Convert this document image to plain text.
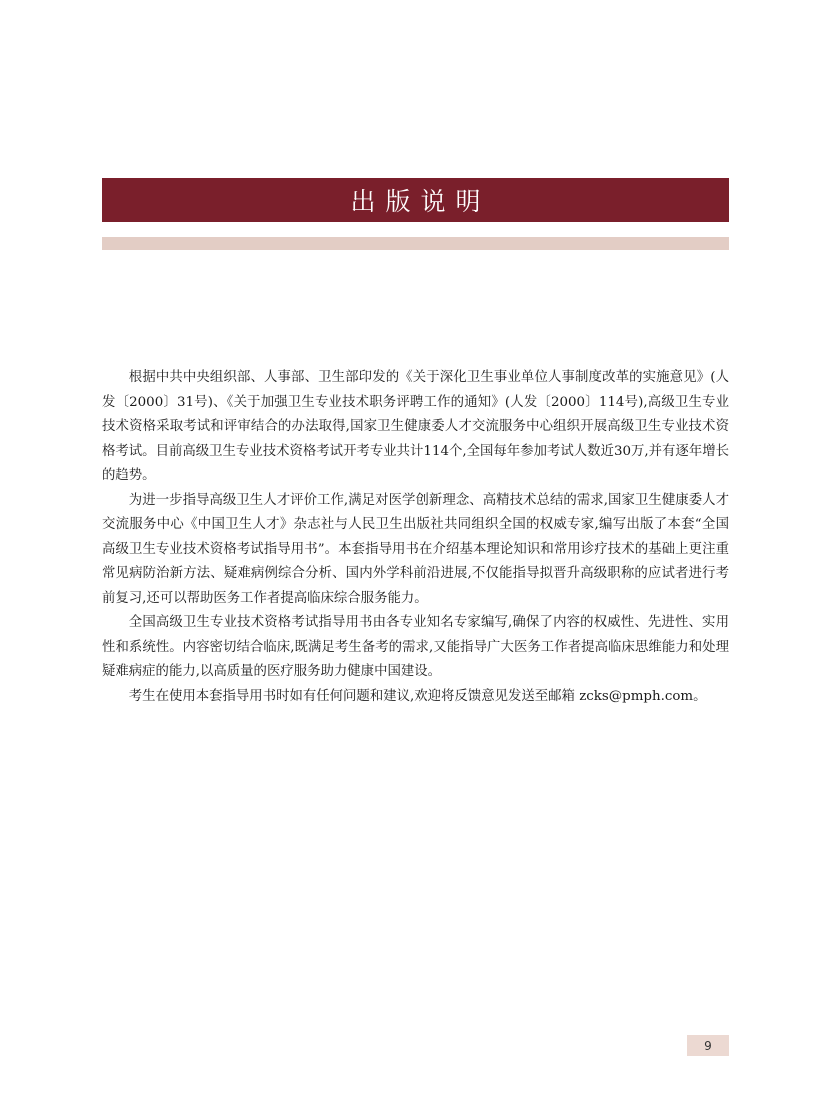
出版说明

根据中共中央组织部、人事部、卫生部印发的《关于深化卫生事业单位人事制度改革的实施意见》(人发〔2000〕31号)、《关于加强卫生专业技术职务评聘工作的通知》(人发〔2000〕114号),高级卫生专业技术资格采取考试和评审结合的办法取得,国家卫生健康委人才交流服务中心组织开展高级卫生专业技术资格考试。目前高级卫生专业技术资格考试开考专业共计114个,全国每年参加考试人数近30万,并有逐年增长的趋势。

为进一步指导高级卫生人才评价工作,满足对医学创新理念、高精技术总结的需求,国家卫生健康委人才交流服务中心《中国卫生人才》杂志社与人民卫生出版社共同组织全国的权威专家,编写出版了本套“全国高级卫生专业技术资格考试指导用书”。本套指导用书在介绍基本理论知识和常用诊疗技术的基础上更注重常见病防治新方法、疑难病例综合分析、国内外学科前沿进展,不仅能指导拟晋升高级职称的应试者进行考前复习,还可以帮助医务工作者提高临床综合服务能力。

全国高级卫生专业技术资格考试指导用书由各专业知名专家编写,确保了内容的权威性、先进性、实用性和系统性。内容密切结合临床,既满足考生备考的需求,又能指导广大医务工作者提高临床思维能力和处理疑难病症的能力,以高质量的医疗服务助力健康中国建设。

考生在使用本套指导用书时如有任何问题和建议,欢迎将反馈意见发送至邮箱 zcks@pmph.com。

9
